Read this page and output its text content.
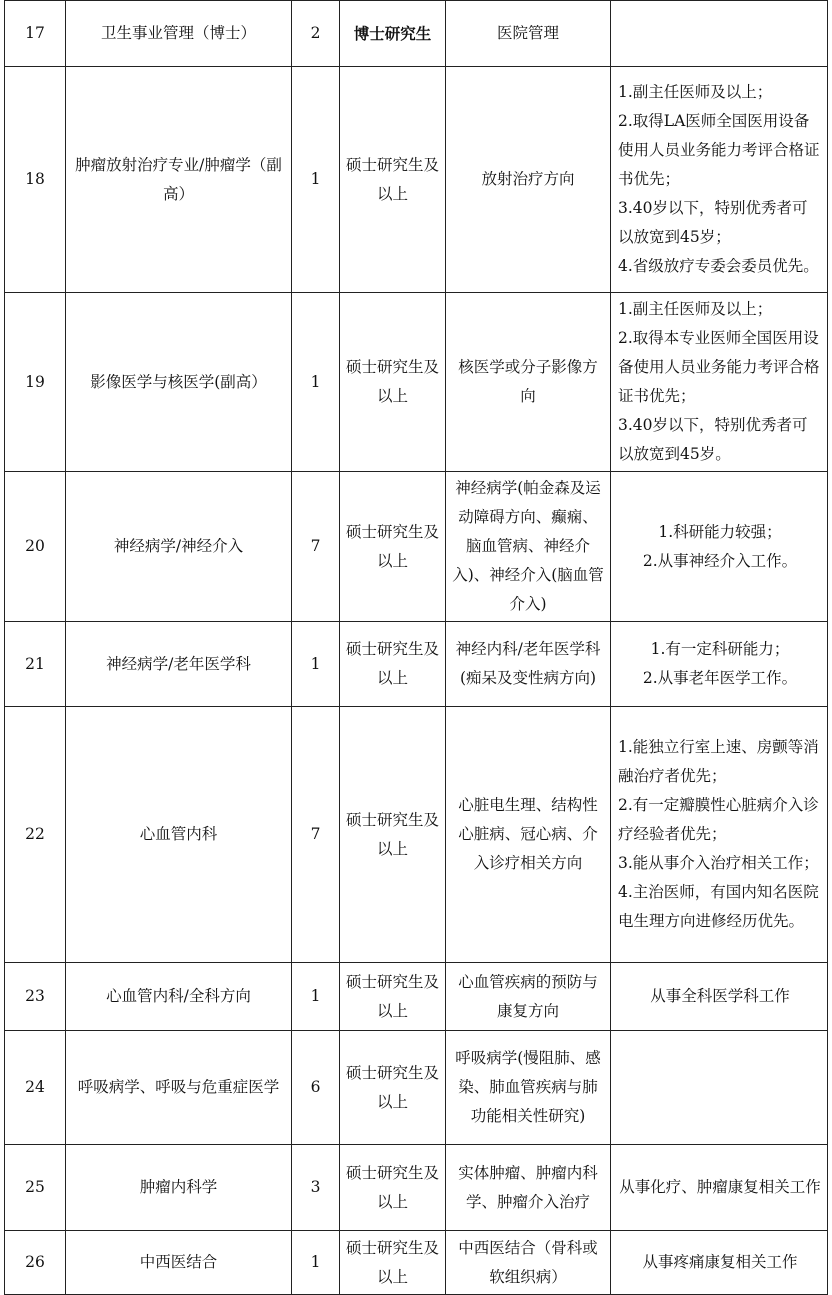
17	卫生事业管理（博士）	2	博士研究生	医院管理	
18	肿瘤放射治疗专业/肿瘤学（副高）	1	硕士研究生及以上	放射治疗方向	1.副主任医师及以上；
2.取得LA医师全国医用设备使用人员业务能力考评合格证书优先；
3.40岁以下，特别优秀者可以放宽到45岁；
4.省级放疗专委会委员优先。

19	影像医学与核医学(副高）	1	硕士研究生及以上	核医学或分子影像方向	1.副主任医师及以上；
2.取得本专业医师全国医用设备使用人员业务能力考评合格证书优先；
3.40岁以下，特别优秀者可以放宽到45岁。

20	神经病学/神经介入	7	硕士研究生及以上	神经病学(帕金森及运动障碍方向、癫痫、脑血管病、神经介入)、神经介入(脑血管介入)	1.科研能力较强；
2.从事神经介入工作。

21	神经病学/老年医学科	1	硕士研究生及以上	神经内科/老年医学科(痴呆及变性病方向)	1.有一定科研能力；
2.从事老年医学工作。

22	心血管内科	7	硕士研究生及以上	心脏电生理、结构性心脏病、冠心病、介入诊疗相关方向	1.能独立行室上速、房颤等消融治疗者优先；
2.有一定瓣膜性心脏病介入诊疗经验者优先；
3.能从事介入治疗相关工作；
4.主治医师，有国内知名医院电生理方向进修经历优先。

23	心血管内科/全科方向	1	硕士研究生及以上	心血管疾病的预防与康复方向	从事全科医学科工作

24	呼吸病学、呼吸与危重症医学	6	硕士研究生及以上	呼吸病学(慢阻肺、感染、肺血管疾病与肺功能相关性研究)	
25	肿瘤内科学	3	硕士研究生及以上	实体肿瘤、肿瘤内科学、肿瘤介入治疗	从事化疗、肿瘤康复相关工作

26	中西医结合	1	硕士研究生及以上	中西医结合（骨科或软组织病）	从事疼痛康复相关工作
